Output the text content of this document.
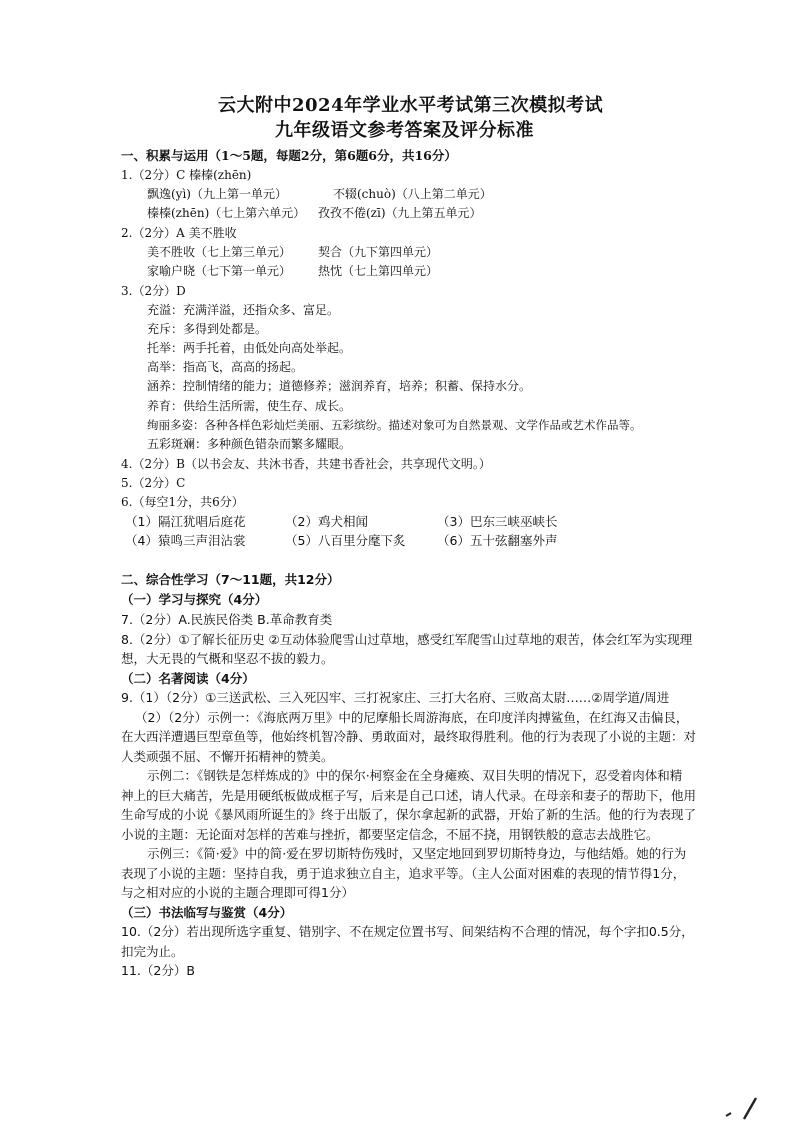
云大附中2024年学业水平考试第三次模拟考试
九年级语文参考答案及评分标准
一、积累与运用（1～5题，每题2分，第6题6分，共16分）
1.（2分）C 榛榛(zhēn)
飘逸(yì)（九上第一单元）	不辍(chuò)（八上第二单元）
榛榛(zhēn)（七上第六单元） 孜孜不倦(zī)（九上第五单元）
2.（2分）A 美不胜收
美不胜收（七上第三单元） 契合（九下第四单元）
家喻户晓（七下第一单元） 热忱（七上第四单元）
3.（2分）D
充溢：充满洋溢，还指众多、富足。
充斥：多得到处都是。
托举：两手托着，由低处向高处举起。
高举：指高飞，高高的扬起。
涵养：控制情绪的能力；道德修养；滋润养育，培养；积蓄、保持水分。
养育：供给生活所需，使生存、成长。
绚丽多姿：各种各样色彩灿烂美丽、五彩缤纷。描述对象可为自然景观、文学作品或艺术作品等。
五彩斑斓：多种颜色错杂而繁多耀眼。
4.（2分）B（以书会友、共沐书香，共建书香社会，共享现代文明。）
5.（2分）C
6.（每空1分，共6分）
（1）隔江犹唱后庭花	（2）鸡犬相闻	（3）巴东三峡巫峡长
（4）猿鸣三声泪沾裳	（5）八百里分麾下炙	（6）五十弦翻塞外声
二、综合性学习（7～11题，共12分）
（一）学习与探究（4分）
7.（2分）A.民族民俗类 B.革命教育类
8.（2分）①了解长征历史 ②互动体验爬雪山过草地，感受红军爬雪山过草地的艰苦，体会红军为实现理
想，大无畏的气概和坚忍不拔的毅力。
（二）名著阅读（4分）
9.（1）（2分）①三送武松、三入死囚牢、三打祝家庄、三打大名府、三败高太尉……②周学道/周进
（2）（2分）示例一：《海底两万里》中的尼摩船长周游海底，在印度洋肉搏鲨鱼，在红海又击偏艮，
在大西洋遭遇巨型章鱼等，他始终机智冷静、勇敢面对，最终取得胜利。他的行为表现了小说的主题：对
人类顽强不屈、不懈开拓精神的赞美。
示例二：《钢铁是怎样炼成的》中的保尔·柯察金在全身瘫痪、双目失明的情况下，忍受着肉体和精
神上的巨大痛苦，先是用硬纸板做成框子写，后来是自己口述，请人代录。在母亲和妻子的帮助下，他用
生命写成的小说《暴风雨所诞生的》终于出版了，保尔拿起新的武器，开始了新的生活。他的行为表现了
小说的主题：无论面对怎样的苦难与挫折，都要坚定信念，不屈不挠，用钢铁般的意志去战胜它。
示例三：《简·爱》中的简·爱在罗切斯特伤残时，又坚定地回到罗切斯特身边，与他结婚。她的行为
表现了小说的主题：坚持自我，勇于追求独立自主，追求平等。（主人公面对困难的表现的情节得1分，
与之相对应的小说的主题合理即可得1分）
（三）书法临写与鉴赏（4分）
10.（2分）若出现所选字重复、错别字、不在规定位置书写、间架结构不合理的情况，每个字扣0.5分，
扣完为止。
11.（2分）B
